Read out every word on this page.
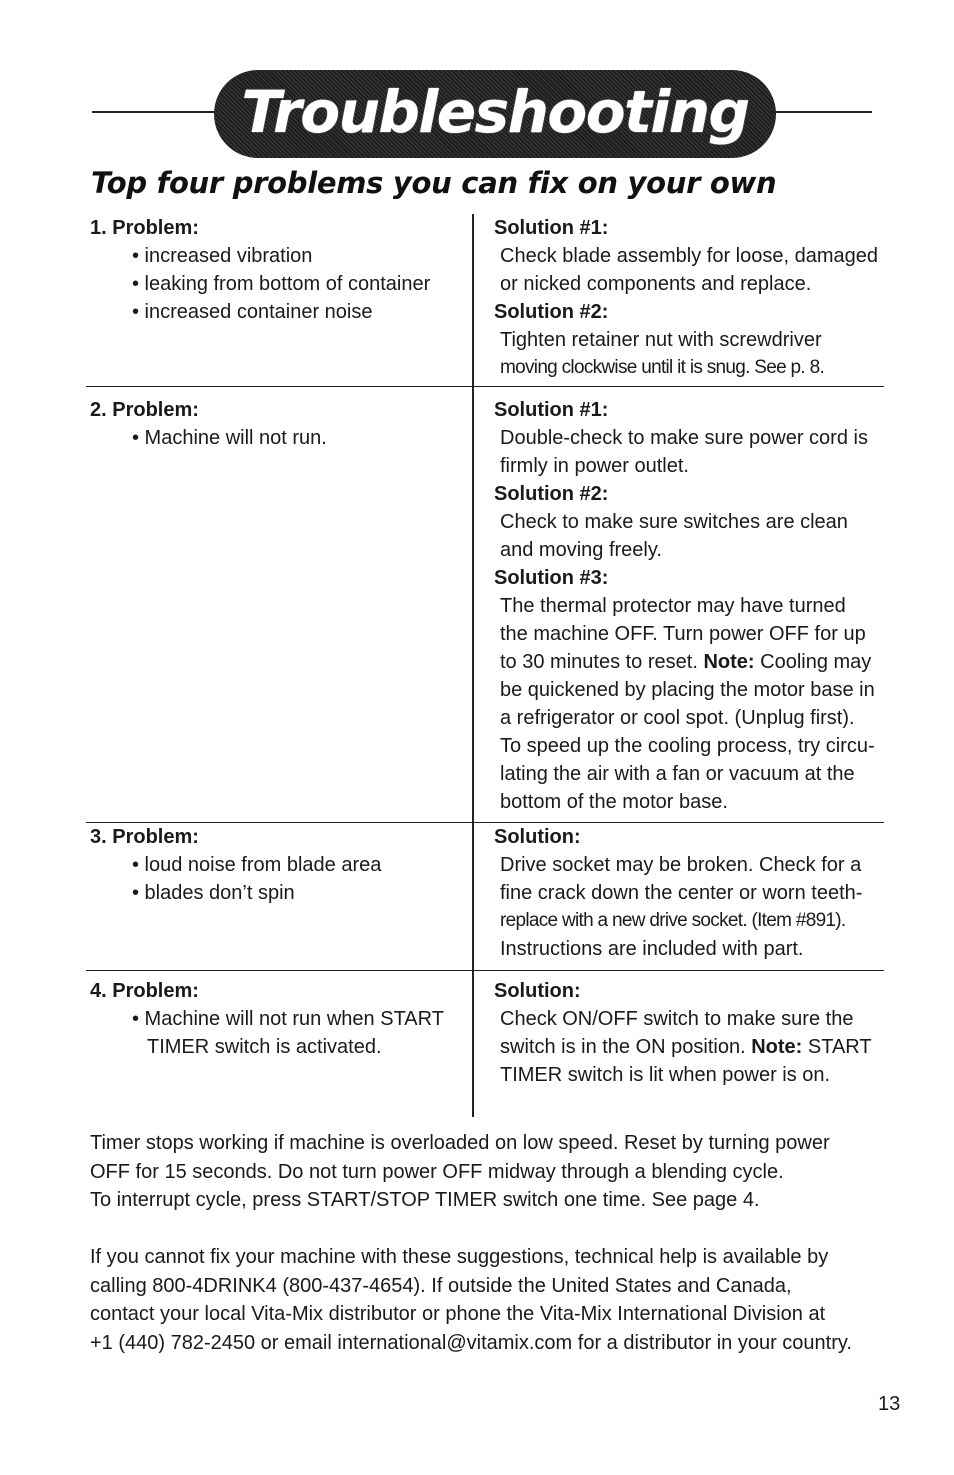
Troubleshooting
Top four problems you can fix on your own
1. Problem:
• increased vibration
• leaking from bottom of container
• increased container noise
Solution #1:
Check blade assembly for loose, damaged
or nicked components and replace.
Solution #2:
Tighten retainer nut with screwdriver
moving clockwise until it is snug. See p. 8.
2. Problem:
• Machine will not run.
Solution #1:
Double-check to make sure power cord is
firmly in power outlet.
Solution #2:
Check to make sure switches are clean
and moving freely.
Solution #3:
The thermal protector may have turned
the machine OFF. Turn power OFF for up
to 30 minutes to reset. Note: Cooling may
be quickened by placing the motor base in
a refrigerator or cool spot. (Unplug first).
To speed up the cooling process, try circu-
lating the air with a fan or vacuum at the
bottom of the motor base.
3. Problem:
• loud noise from blade area
• blades don’t spin
Solution:
Drive socket may be broken. Check for a
fine crack down the center or worn teeth-
replace with a new drive socket. (Item #891).
Instructions are included with part.
4. Problem:
• Machine will not run when START
TIMER switch is activated.
Solution:
Check ON/OFF switch to make sure the
switch is in the ON position. Note: START
TIMER switch is lit when power is on.
Timer stops working if machine is overloaded on low speed. Reset by turning power
OFF for 15 seconds. Do not turn power OFF midway through a blending cycle.
To interrupt cycle, press START/STOP TIMER switch one time. See page 4.
If you cannot fix your machine with these suggestions, technical help is available by
calling 800-4DRINK4 (800-437-4654). If outside the United States and Canada,
contact your local Vita-Mix distributor or phone the Vita-Mix International Division at
+1 (440) 782-2450 or email international@vitamix.com for a distributor in your country.
13
